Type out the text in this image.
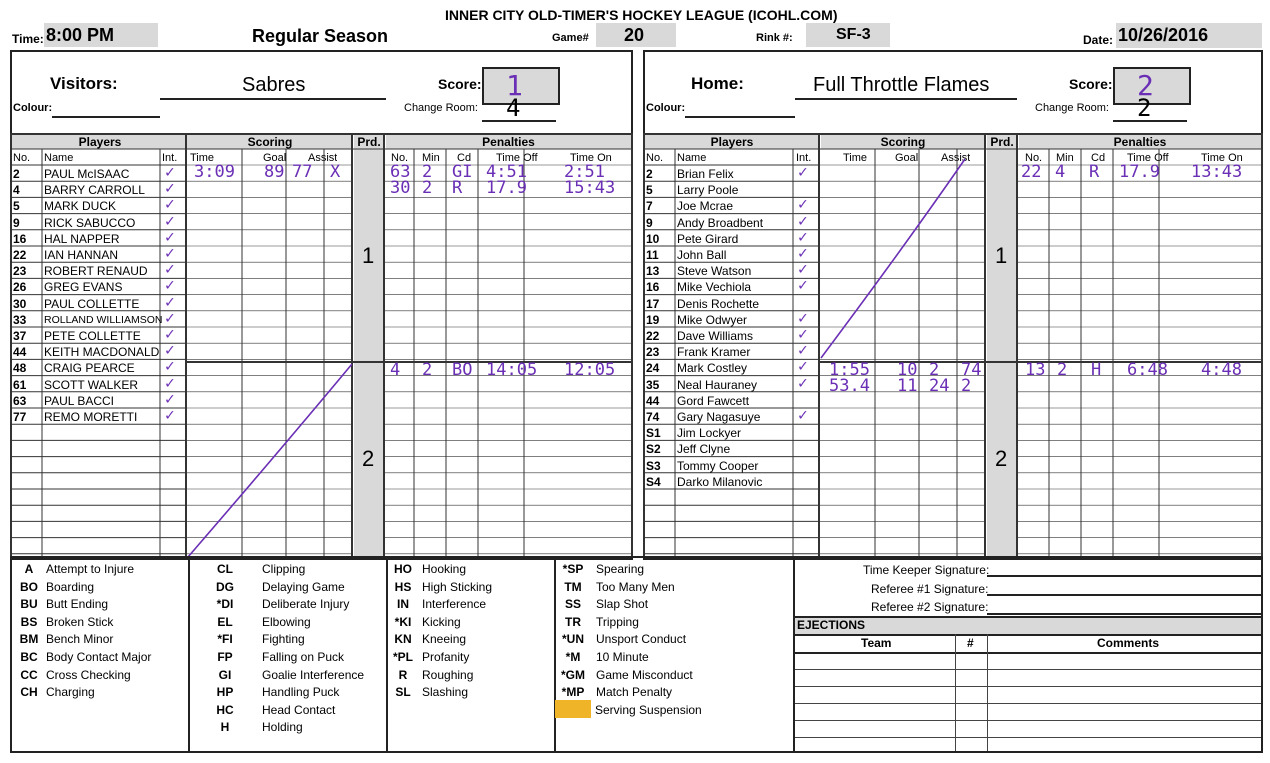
INNER CITY OLD-TIMER'S HOCKEY LEAGUE (ICOHL.COM)
Time: 8:00 PM	Regular Season	Game# 20	Rink #:	SF-3	Date: 10/26/2016
Visitors:	Sabres
Colour:
Score: 1
Change Room: 4
Players	Scoring	Prd.	Penalties
No. Name	Int. Time	Goal Assist	No. Min Cd Time Off	Time On
1
2
2 PAUL McISAAC ✓
4 BARRY CARROLL ✓
5 MARK DUCK	✓
9 RICK SABUCCO ✓
16 HAL NAPPER	✓
22 IAN HANNAN	✓
23 ROBERT RENAUD ✓
26 GREG EVANS	✓
30 PAUL COLLETTE ✓
33 ROLLAND WILLIAMSON ✓
37 PETE COLLETTE ✓
44 KEITH MACDONALD ✓
48 CRAIG PEARCE ✓
61 SCOTT WALKER ✓
63 PAUL BACCI	✓
77 REMO MORETTI ✓
3:09 89 77 X	63 2 GI 4:51 2:51
30 2 R 17.9 15:43
4 2 BO 14:05 12:05
Home:	Full Throttle Flames
Colour:
Score: 2
Change Room: 2
Players	Scoring	Prd.	Penalties
No. Name	Int.	Time	Goal Assist	No. Min Cd Time Off	Time On
1
2
2 Brian Felix	✓
5 Larry Poole
7 Joe Mcrae	✓
9 Andy Broadbent ✓
10 Pete Girard	✓
11 John Ball	✓
13 Steve Watson	✓
16 Mike Vechiola	✓
17 Denis Rochette
19 Mike Odwyer	✓
22 Dave Williams	✓
23 Frank Kramer	✓
24 Mark Costley	✓
35 Neal Hauraney	✓
44 Gord Fawcett
74 Gary Nagasuye ✓
S1 Jim Lockyer
S2 Jeff Clyne
S3 Tommy Cooper
S4 Darko Milanovic
22 4 R 17.9 13:43
13 2 H 6:48 4:48
1:55 10 2 74
53.4 11 24 2
A	Attempt to Injure
BO Boarding
BU Butt Ending
BS Broken Stick
BM Bench Minor
BC Body Contact Major
CC Cross Checking
CH Charging
CL	Clipping
DG	Delaying Game
*DI	Deliberate Injury
EL	Elbowing
*FI	Fighting
FP	Falling on Puck
GI	Goalie Interference
HP	Handling Puck
HC	Head Contact
H	Holding
HO Hooking
HS High Sticking
IN	Interference
*KI Kicking
KN Kneeing
*PL Profanity
R	Roughing
SL Slashing
*SP	Spearing
TM	Too Many Men
SS	Slap Shot
TR	Tripping
*UN	Unsport Conduct
*M	10 Minute
*GM Game Misconduct
*MP Match Penalty
Serving Suspension
Time Keeper Signature:
Referee #1 Signature:
Referee #2 Signature:
EJECTIONS
Team	#	Comments
